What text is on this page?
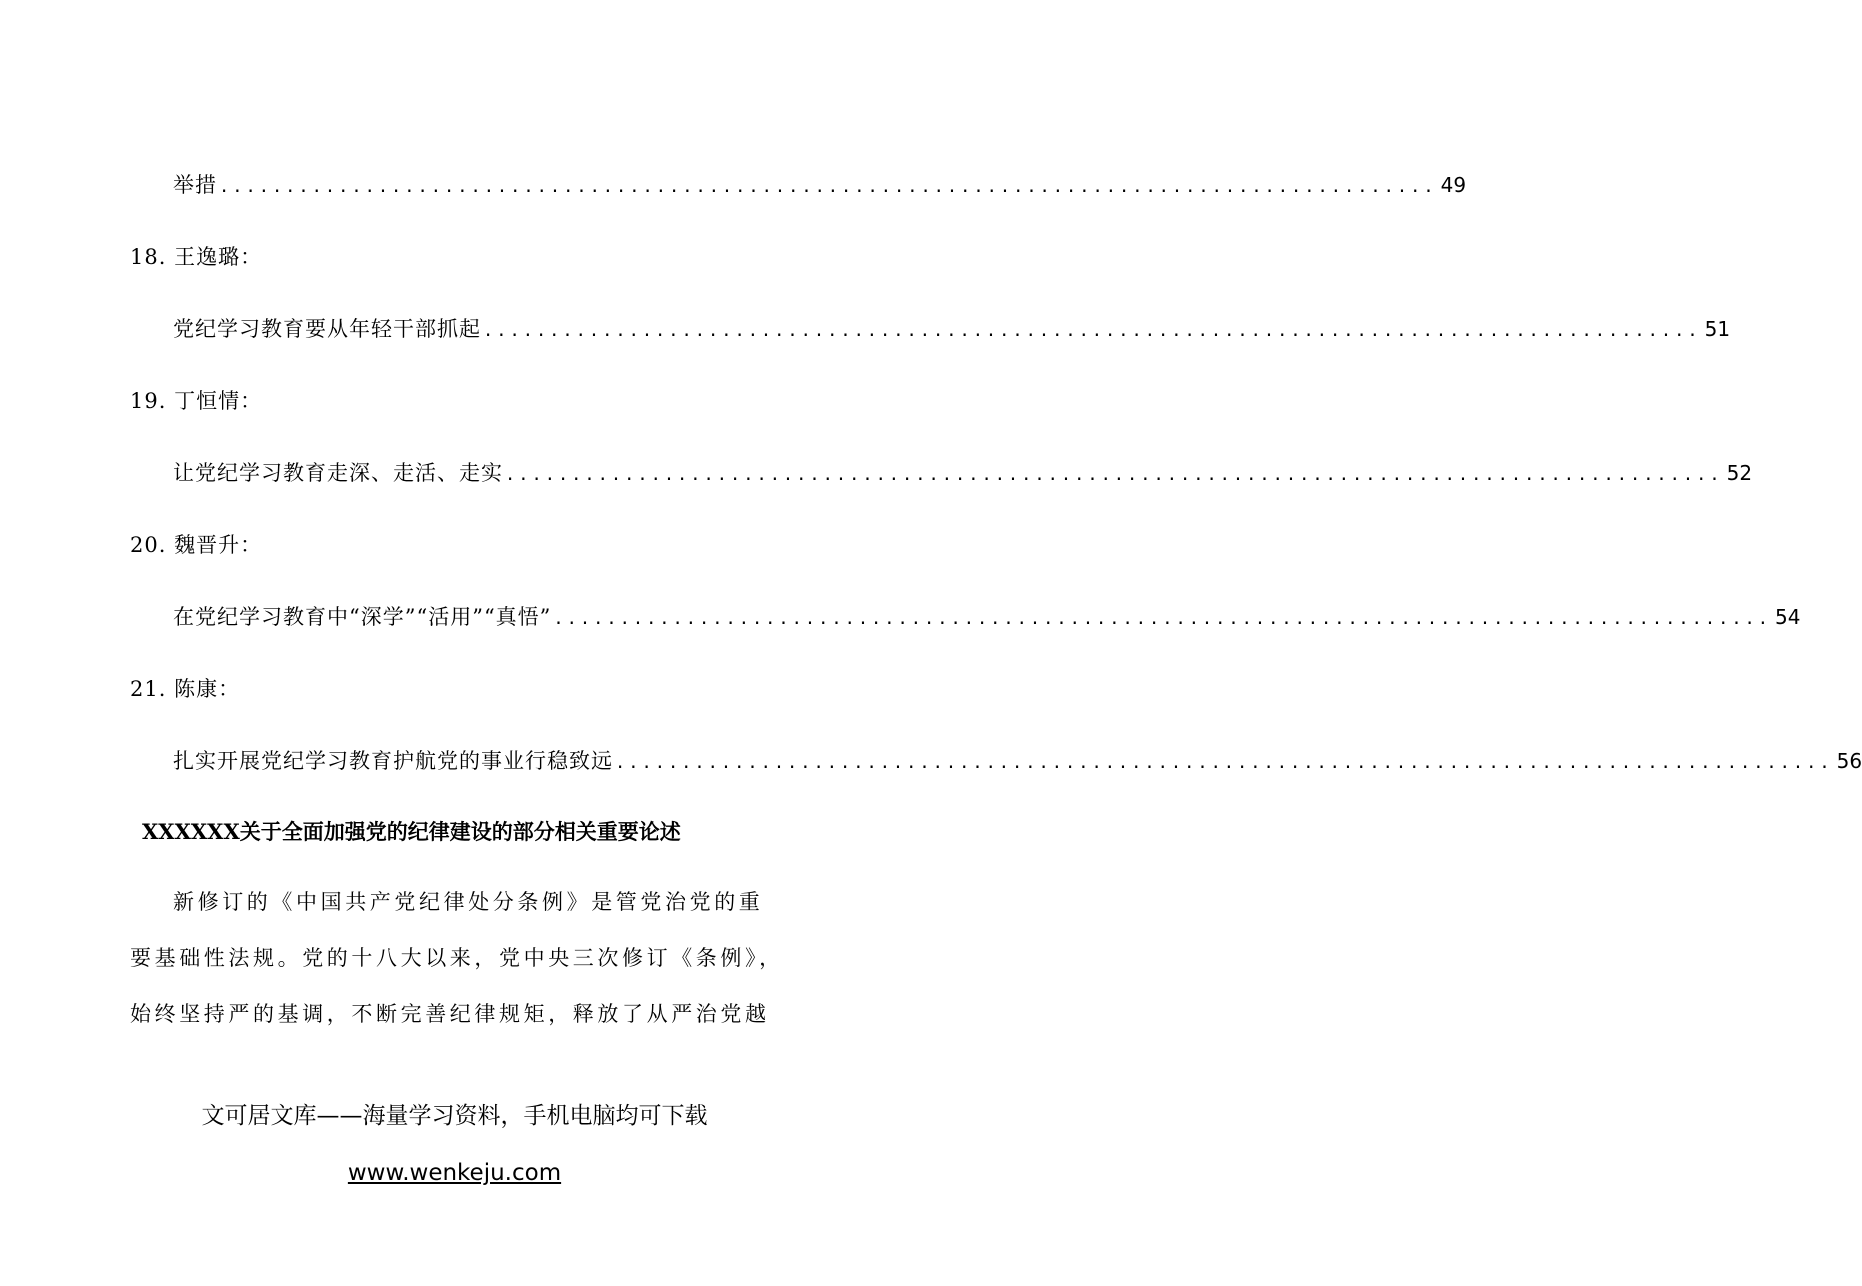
举措 ............................................................................................ 49
18. 王逸璐：
党纪学习教育要从年轻干部抓起 ............................................................................................ 51
19. 丁恒情：
让党纪学习教育走深、走活、走实 ............................................................................................ 52
20. 魏晋升：
在党纪学习教育中“深学”“活用”“真悟” ............................................................................................ 54
21. 陈康：
扎实开展党纪学习教育护航党的事业行稳致远 ............................................................................................ 56
XXXXXX关于全面加强党的纪律建设的部分相关重要论述
新修订的《中国共产党纪律处分条例》是管党治党的重
要基础性法规。党的十八大以来，党中央三次修订《条例》，
始终坚持严的基调，不断完善纪律规矩，释放了从严治党越
文可居文库——海量学习资料，手机电脑均可下载
www.wenkeju.com
